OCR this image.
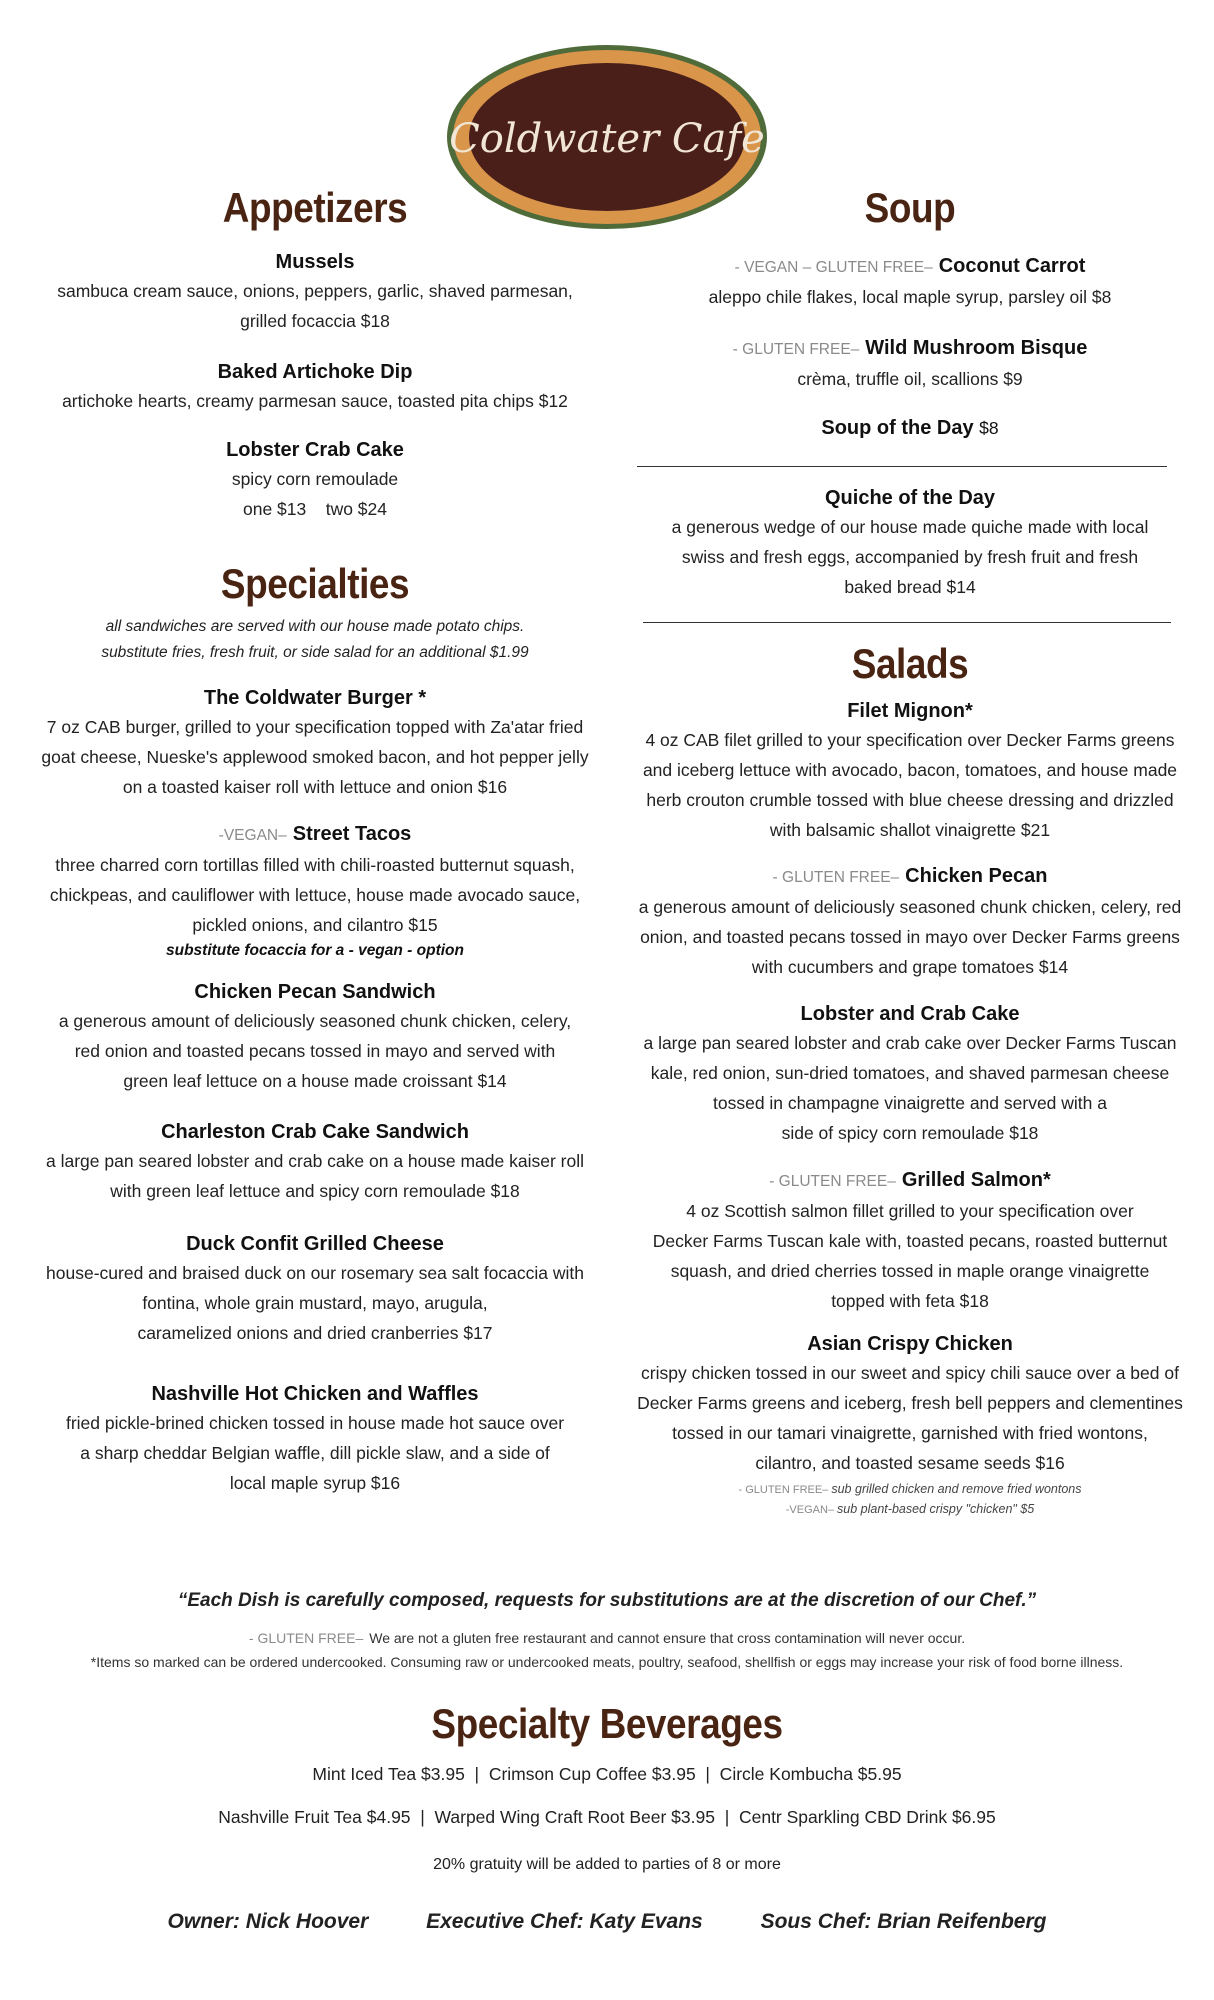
Coldwater Cafe
Appetizers
Mussels
sambuca cream sauce, onions, peppers, garlic, shaved parmesan,
grilled focaccia $18
Baked Artichoke Dip
artichoke hearts, creamy parmesan sauce, toasted pita chips $12
Lobster Crab Cake
spicy corn remoulade
one $13    two $24
Specialties
all sandwiches are served with our house made potato chips.
substitute fries, fresh fruit, or side salad for an additional $1.99
The Coldwater Burger *
7 oz CAB burger, grilled to your specification topped with Za'atar fried
goat cheese, Nueske's applewood smoked bacon, and hot pepper jelly
on a toasted kaiser roll with lettuce and onion $16
-VEGAN– Street Tacos
three charred corn tortillas filled with chili-roasted butternut squash,
chickpeas, and cauliflower with lettuce, house made avocado sauce,
pickled onions, and cilantro $15
substitute focaccia for a - vegan - option
Chicken Pecan Sandwich
a generous amount of deliciously seasoned chunk chicken, celery,
red onion and toasted pecans tossed in mayo and served with
green leaf lettuce on a house made croissant $14
Charleston Crab Cake Sandwich
a large pan seared lobster and crab cake on a house made kaiser roll
with green leaf lettuce and spicy corn remoulade $18
Duck Confit Grilled Cheese
house-cured and braised duck on our rosemary sea salt focaccia with
fontina, whole grain mustard, mayo, arugula,
caramelized onions and dried cranberries $17
Nashville Hot Chicken and Waffles
fried pickle-brined chicken tossed in house made hot sauce over
a sharp cheddar Belgian waffle, dill pickle slaw, and a side of
local maple syrup $16
Soup
- VEGAN – GLUTEN FREE– Coconut Carrot
aleppo chile flakes, local maple syrup, parsley oil $8
- GLUTEN FREE– Wild Mushroom Bisque
crèma, truffle oil, scallions $9
Soup of the Day $8
Quiche of the Day
a generous wedge of our house made quiche made with local
swiss and fresh eggs, accompanied by fresh fruit and fresh
baked bread $14
Salads
Filet Mignon*
4 oz CAB filet grilled to your specification over Decker Farms greens
and iceberg lettuce with avocado, bacon, tomatoes, and house made
herb crouton crumble tossed with blue cheese dressing and drizzled
with balsamic shallot vinaigrette $21
- GLUTEN FREE– Chicken Pecan
a generous amount of deliciously seasoned chunk chicken, celery, red
onion, and toasted pecans tossed in mayo over Decker Farms greens
with cucumbers and grape tomatoes $14
Lobster and Crab Cake
a large pan seared lobster and crab cake over Decker Farms Tuscan
kale, red onion, sun-dried tomatoes, and shaved parmesan cheese
tossed in champagne vinaigrette and served with a
side of spicy corn remoulade $18
- GLUTEN FREE– Grilled Salmon*
4 oz Scottish salmon fillet grilled to your specification over
Decker Farms Tuscan kale with, toasted pecans, roasted butternut
squash, and dried cherries tossed in maple orange vinaigrette
topped with feta $18
Asian Crispy Chicken
crispy chicken tossed in our sweet and spicy chili sauce over a bed of
Decker Farms greens and iceberg, fresh bell peppers and clementines
tossed in our tamari vinaigrette, garnished with fried wontons,
cilantro, and toasted sesame seeds $16
- GLUTEN FREE– sub grilled chicken and remove fried wontons
-VEGAN– sub plant-based crispy "chicken" $5
“Each Dish is carefully composed, requests for substitutions are at the discretion of our Chef.”
- GLUTEN FREE– We are not a gluten free restaurant and cannot ensure that cross contamination will never occur.
*Items so marked can be ordered undercooked. Consuming raw or undercooked meats, poultry, seafood, shellfish or eggs may increase your risk of food borne illness.
Specialty Beverages
Mint Iced Tea $3.95  |  Crimson Cup Coffee $3.95  |  Circle Kombucha $5.95
Nashville Fruit Tea $4.95  |  Warped Wing Craft Root Beer $3.95  |  Centr Sparkling CBD Drink $6.95
20% gratuity will be added to parties of 8 or more
Owner: Nick Hoover	Executive Chef: Katy Evans	Sous Chef: Brian Reifenberg
